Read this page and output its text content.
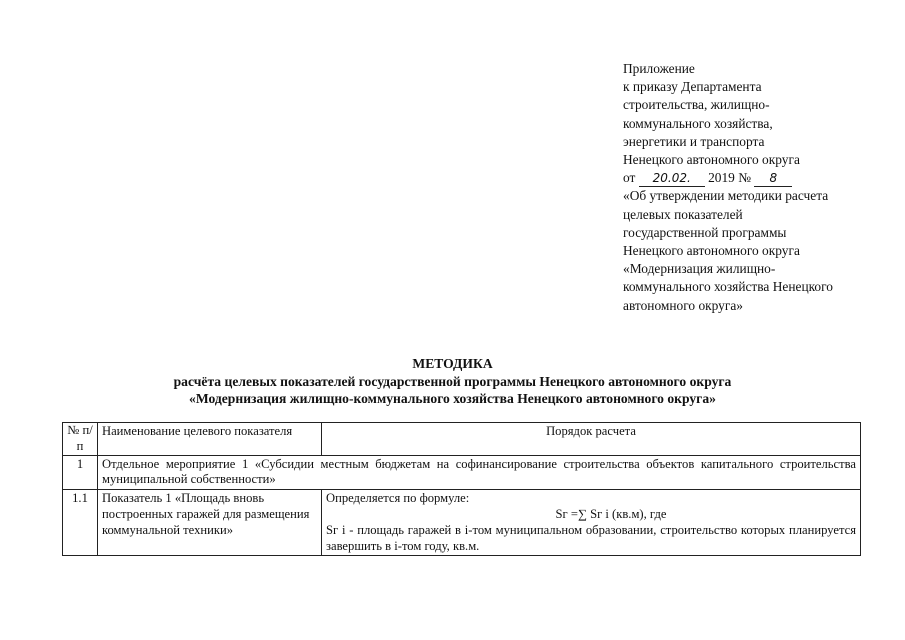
Приложение
к приказу Департамента
строительства, жилищно-
коммунального хозяйства,
энергетики и транспорта
Ненецкого автономного округа
от 20.02. 2019 № 8
«Об утверждении методики расчета
целевых показателей
государственной программы
Ненецкого автономного округа
«Модернизация жилищно-
коммунального хозяйства Ненецкого
автономного округа»
МЕТОДИКА
расчёта целевых показателей государственной программы Ненецкого автономного округа
«Модернизация жилищно-коммунального хозяйства Ненецкого автономного округа»
№ п/п	Наименование целевого показателя	Порядок расчета
1	Отдельное мероприятие 1 «Субсидии местным бюджетам на софинансирование строительства объектов капитального строительства муниципальной собственности»	
1.1	Показатель 1 «Площадь вновь построенных гаражей для размещения коммунальной техники»	Определяется по формуле:
Sг =∑ Sг i (кв.м), где
Sг i - площадь гаражей в i-том муниципальном образовании, строительство которых планируется завершить в i-том году, кв.м.
